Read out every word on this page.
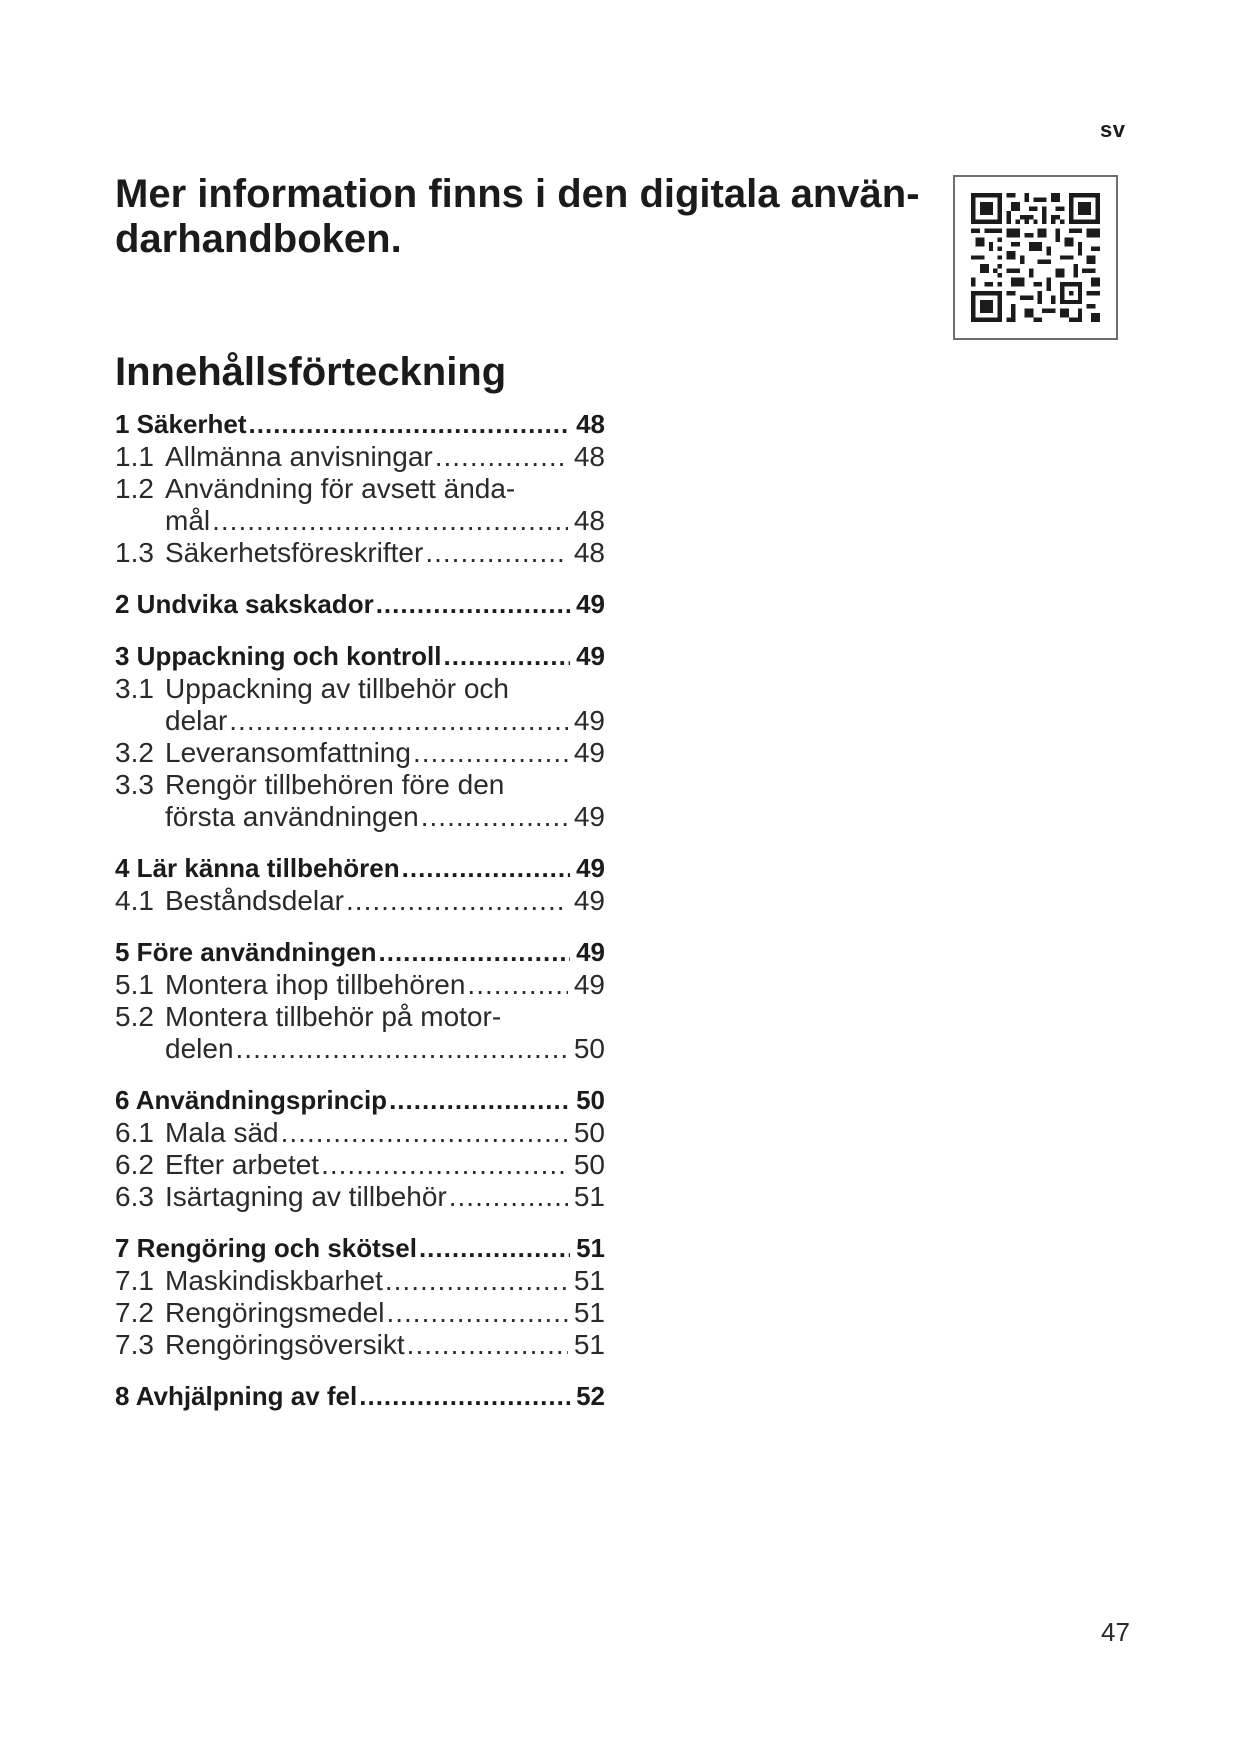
sv
Mer information finns i den digitala använ-
darhandboken.
Innehållsförteckning
1 Säkerhet .....	48
1.1 Allmänna anvisningar .....	48
1.2 Användning för avsett ända-
mål .....	48
1.3 Säkerhetsföreskrifter .....	48
2 Undvika sakskador .....	49
3 Uppackning och kontroll .....	49
3.1 Uppackning av tillbehör och
delar .....	49
3.2 Leveransomfattning .....	49
3.3 Rengör tillbehören före den
första användningen .....	49
4 Lär känna tillbehören .....	49
4.1 Beståndsdelar .....	49
5 Före användningen .....	49
5.1 Montera ihop tillbehören .....	49
5.2 Montera tillbehör på motor-
delen .....	50
6 Användningsprincip .....	50
6.1 Mala säd .....	50
6.2 Efter arbetet .....	50
6.3 Isärtagning av tillbehör .....	51
7 Rengöring och skötsel .....	51
7.1 Maskindiskbarhet .....	51
7.2 Rengöringsmedel .....	51
7.3 Rengöringsöversikt .....	51
8 Avhjälpning av fel .....	52
47
